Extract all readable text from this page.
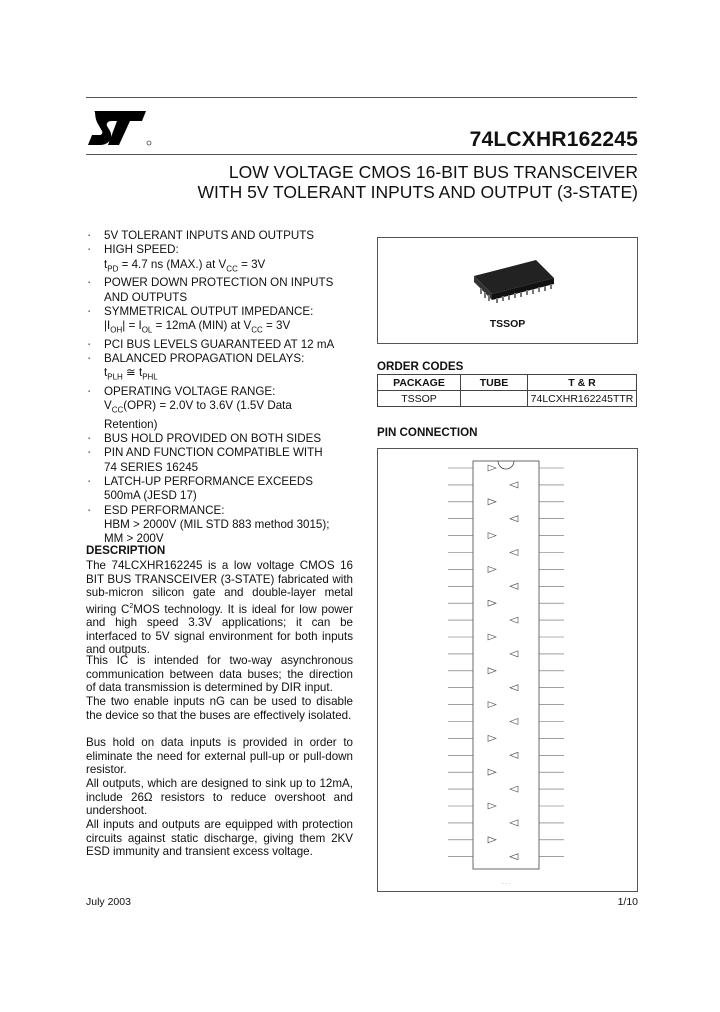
74LCXHR162245
LOW VOLTAGE CMOS 16-BIT BUS TRANSCEIVER
WITH 5V TOLERANT INPUTS AND OUTPUT (3-STATE)
▪ 5V TOLERANT INPUTS AND OUTPUTS
▪ HIGH SPEED:
$t_{PD} = 4.7$ ns (MAX.) at $V_{CC} = 3V$
▪ POWER DOWN PROTECTION ON INPUTS
AND OUTPUTS
▪ SYMMETRICAL OUTPUT IMPEDANCE:
$|I_{OH}| = I_{OL} = 12mA$ (MIN) at $V_{CC} = 3V$
▪ PCI BUS LEVELS GUARANTEED AT 12 mA
▪ BALANCED PROPAGATION DELAYS:
$t_{PLH}$ ≅ $t_{PHL}$
▪ OPERATING VOLTAGE RANGE:
$V_{CC}(OPR) = 2.0V$ to 3.6V (1.5V Data
Retention)
▪ BUS HOLD PROVIDED ON BOTH SIDES
▪ PIN AND FUNCTION COMPATIBLE WITH
74 SERIES 16245
▪ LATCH-UP PERFORMANCE EXCEEDS
500mA (JESD 17)
▪ ESD PERFORMANCE:
HBM > 2000V (MIL STD 883 method 3015);
MM > 200V
DESCRIPTION

The 74LCXHR162245 is a low voltage CMOS 16 BIT BUS TRANSCEIVER (3-STATE) fabricated with sub-micron silicon gate and double-layer metal wiring $C^2MOS$ technology. It is ideal for low power and high speed 3.3V applications; it can be interfaced to 5V signal environment for both inputs and outputs.

This IC is intended for two-way asynchronous communication between data buses; the direction of data transmission is determined by DIR input.

The two enable inputs nG can be used to disable the device so that the buses are effectively isolated.

Bus hold on data inputs is provided in order to eliminate the need for external pull-up or pull-down resistor.

All outputs, which are designed to sink up to 12mA, include 26Ω resistors to reduce overshoot and undershoot.

All inputs and outputs are equipped with protection circuits against static discharge, giving them 2KV ESD immunity and transient excess voltage.

TSSOP
ORDER CODES
PACKAGE	TUBE	T & R
TSSOP		74LCXHR162245TTR
PIN CONNECTION
· · ·
July 2003	1/10
